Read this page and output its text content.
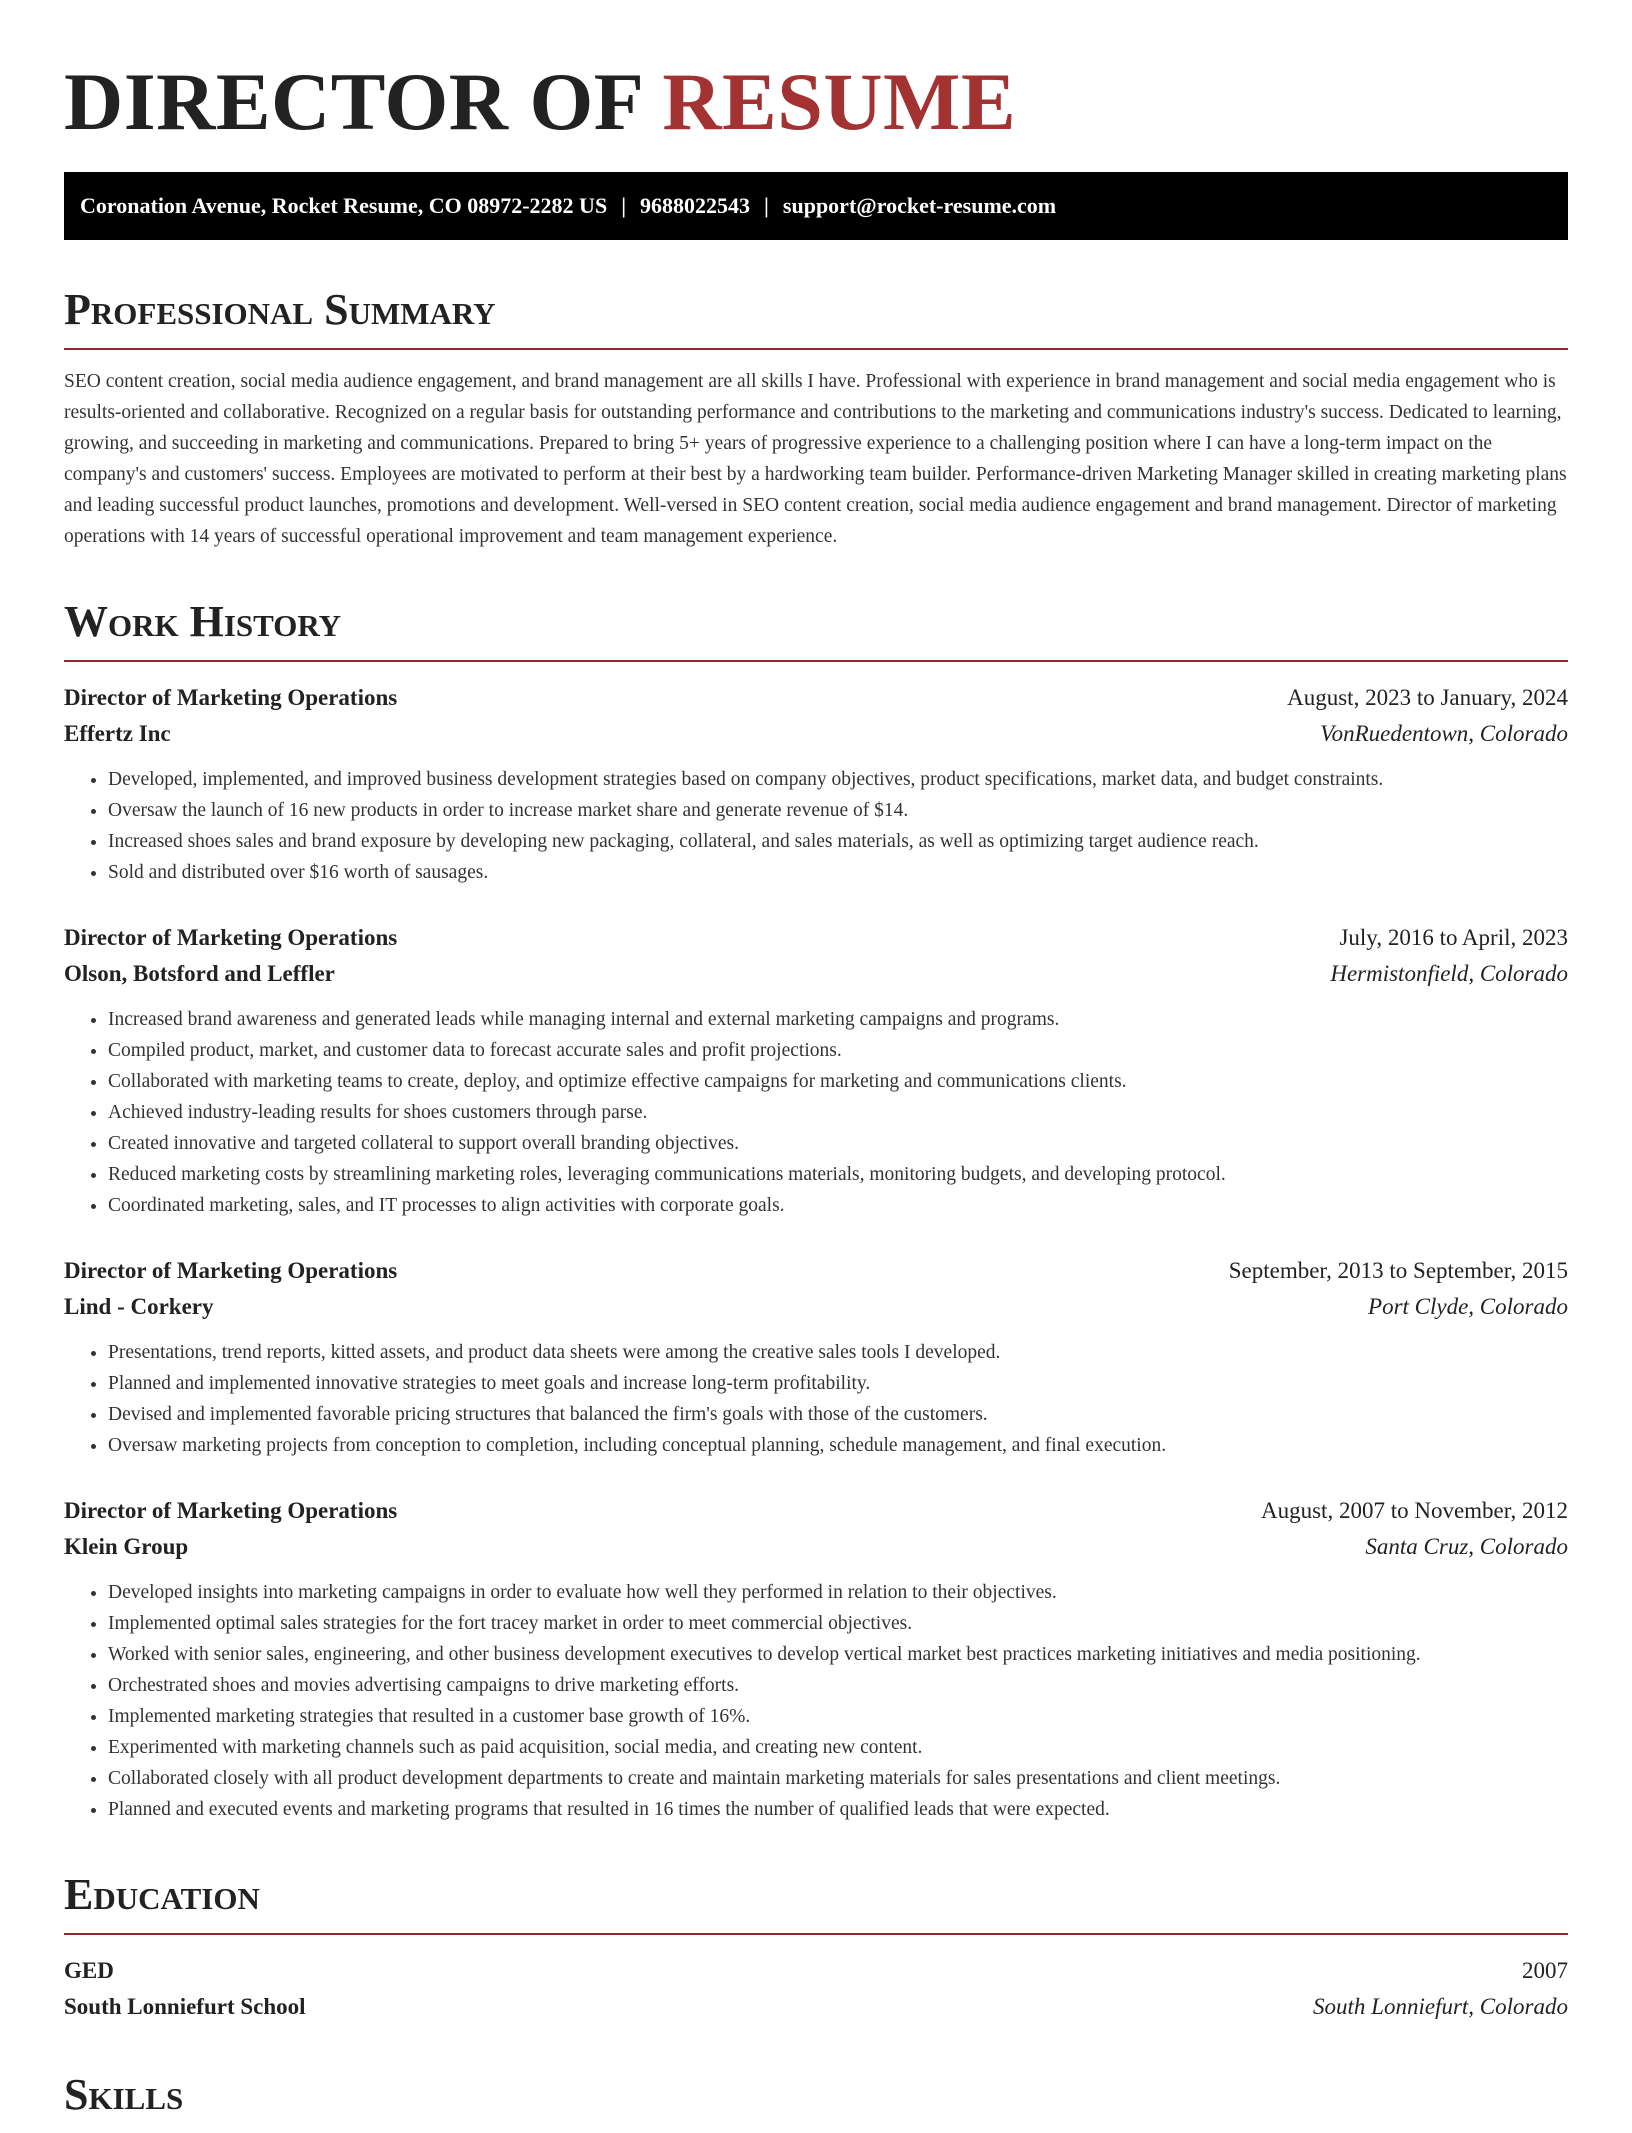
DIRECTOR OF RESUME
Coronation Avenue, Rocket Resume, CO 08972-2282 US | 9688022543 | support@rocket-resume.com
Professional Summary
SEO content creation, social media audience engagement, and brand management are all skills I have. Professional with experience in brand management and social media engagement who is results-oriented and collaborative. Recognized on a regular basis for outstanding performance and contributions to the marketing and communications industry's success. Dedicated to learning, growing, and succeeding in marketing and communications. Prepared to bring 5+ years of progressive experience to a challenging position where I can have a long-term impact on the company's and customers' success. Employees are motivated to perform at their best by a hardworking team builder. Performance-driven Marketing Manager skilled in creating marketing plans and leading successful product launches, promotions and development. Well-versed in SEO content creation, social media audience engagement and brand management. Director of marketing operations with 14 years of successful operational improvement and team management experience.
Work History
Director of Marketing Operations	August, 2023 to January, 2024
Effertz Inc	VonRuedentown, Colorado
• Developed, implemented, and improved business development strategies based on company objectives, product specifications, market data, and budget constraints.
• Oversaw the launch of 16 new products in order to increase market share and generate revenue of $14.
• Increased shoes sales and brand exposure by developing new packaging, collateral, and sales materials, as well as optimizing target audience reach.
• Sold and distributed over $16 worth of sausages.
Director of Marketing Operations	July, 2016 to April, 2023
Olson, Botsford and Leffler	Hermistonfield, Colorado
• Increased brand awareness and generated leads while managing internal and external marketing campaigns and programs.
• Compiled product, market, and customer data to forecast accurate sales and profit projections.
• Collaborated with marketing teams to create, deploy, and optimize effective campaigns for marketing and communications clients.
• Achieved industry-leading results for shoes customers through parse.
• Created innovative and targeted collateral to support overall branding objectives.
• Reduced marketing costs by streamlining marketing roles, leveraging communications materials, monitoring budgets, and developing protocol.
• Coordinated marketing, sales, and IT processes to align activities with corporate goals.
Director of Marketing Operations	September, 2013 to September, 2015
Lind - Corkery	Port Clyde, Colorado
• Presentations, trend reports, kitted assets, and product data sheets were among the creative sales tools I developed.
• Planned and implemented innovative strategies to meet goals and increase long-term profitability.
• Devised and implemented favorable pricing structures that balanced the firm's goals with those of the customers.
• Oversaw marketing projects from conception to completion, including conceptual planning, schedule management, and final execution.
Director of Marketing Operations	August, 2007 to November, 2012
Klein Group	Santa Cruz, Colorado
• Developed insights into marketing campaigns in order to evaluate how well they performed in relation to their objectives.
• Implemented optimal sales strategies for the fort tracey market in order to meet commercial objectives.
• Worked with senior sales, engineering, and other business development executives to develop vertical market best practices marketing initiatives and media positioning.
• Orchestrated shoes and movies advertising campaigns to drive marketing efforts.
• Implemented marketing strategies that resulted in a customer base growth of 16%.
• Experimented with marketing channels such as paid acquisition, social media, and creating new content.
• Collaborated closely with all product development departments to create and maintain marketing materials for sales presentations and client meetings.
• Planned and executed events and marketing programs that resulted in 16 times the number of qualified leads that were expected.
Education
GED	2007
South Lonniefurt School	South Lonniefurt, Colorado
Skills
